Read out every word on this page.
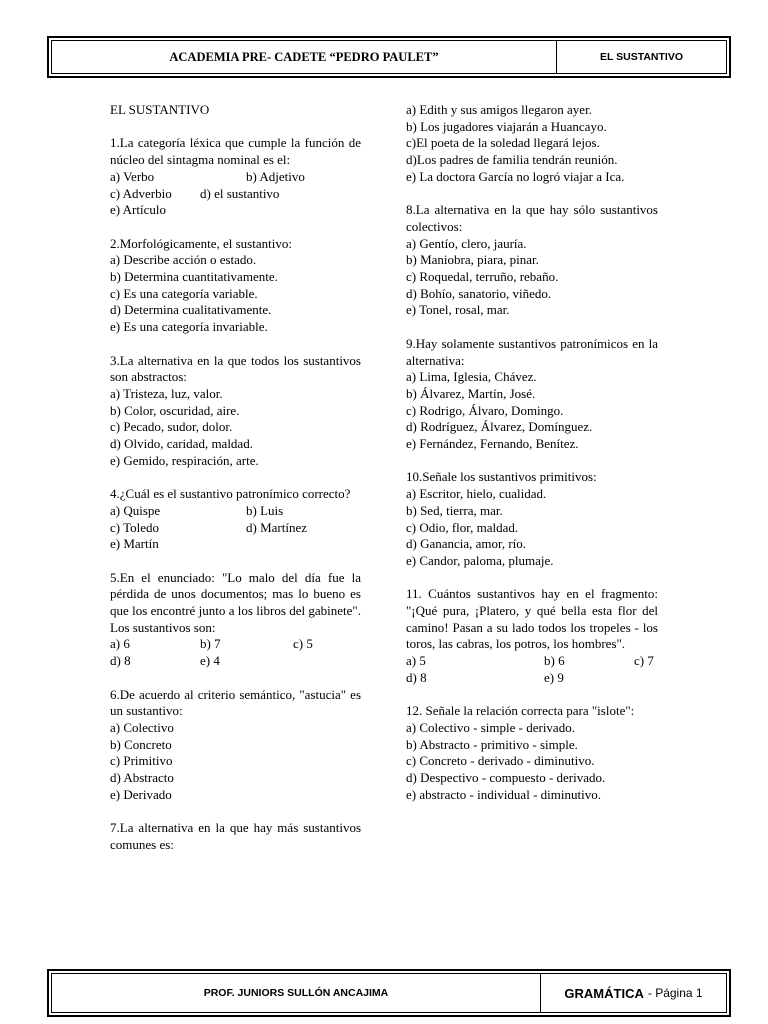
ACADEMIA PRE- CADETE “PEDRO PAULET”	EL SUSTANTIVO
EL SUSTANTIVO
1.La categoría léxica que cumple la función de núcleo del sintagma nominal es el:
a) Verbo	b) Adjetivo
c) Adverbio	d) el sustantivo
e) Artículo
2.Morfológicamente, el sustantivo:
a) Describe acción o estado.
b) Determina cuantitativamente.
c) Es una categoría variable.
d) Determina cualitativamente.
e) Es una categoría invariable.
3.La alternativa en la que todos los sustantivos son abstractos:
a) Tristeza, luz, valor.
b) Color, oscuridad, aire.
c) Pecado, sudor, dolor.
d) Olvido, caridad, maldad.
e) Gemido, respiración, arte.
4.¿Cuál es el sustantivo patronímico correcto?
a) Quispe	b) Luis
c) Toledo	d) Martínez
e) Martín
5.En el enunciado: "Lo malo del día fue la pérdida de unos documentos; mas lo bueno es que los encontré junto a los libros del gabinete". Los sustantivos son:
a) 6	b) 7	c) 5
d) 8	e) 4
6.De acuerdo al criterio semántico, "astucia" es un sustantivo:
a) Colectivo
b) Concreto
c) Primitivo
d) Abstracto
e) Derivado
7.La alternativa en la que hay más sustantivos comunes es:
a) Edith y sus amigos llegaron ayer.
b) Los jugadores viajarán a Huancayo.
c)El poeta de la soledad llegará lejos.
d)Los padres de familia tendrán reunión.
e) La doctora García no logró viajar a Ica.
8.La alternativa en la que hay sólo sustantivos colectivos:
a) Gentío, clero, jauría.
b) Maniobra, piara, pinar.
c) Roquedal, terruño, rebaño.
d) Bohío, sanatorio, viñedo.
e) Tonel, rosal, mar.
9.Hay solamente sustantivos patronímicos en la alternativa:
a) Lima, Iglesia, Chávez.
b) Álvarez, Martín, José.
c) Rodrigo, Álvaro, Domingo.
d) Rodríguez, Álvarez, Domínguez.
e) Fernández, Fernando, Benítez.
10.Señale los sustantivos primitivos:
a) Escritor, hielo, cualidad.
b) Sed, tierra, mar.
c) Odio, flor, maldad.
d) Ganancia, amor, río.
e) Candor, paloma, plumaje.
11. Cuántos sustantivos hay en el fragmento: "¡Qué pura, ¡Platero, y qué bella esta flor del camino! Pasan a su lado todos los tropeles - los toros, las cabras, los potros, los hombres".
a) 5	b) 6	c) 7
d) 8	e) 9
12. Señale la relación correcta para "islote":
a) Colectivo - simple - derivado.
b) Abstracto - primitivo - simple.
c) Concreto - derivado - diminutivo.
d) Despectivo - compuesto - derivado.
e) abstracto - individual - diminutivo.
PROF. JUNIORS SULLÓN ANCAJIMA	GRAMÁTICA - Página 1
